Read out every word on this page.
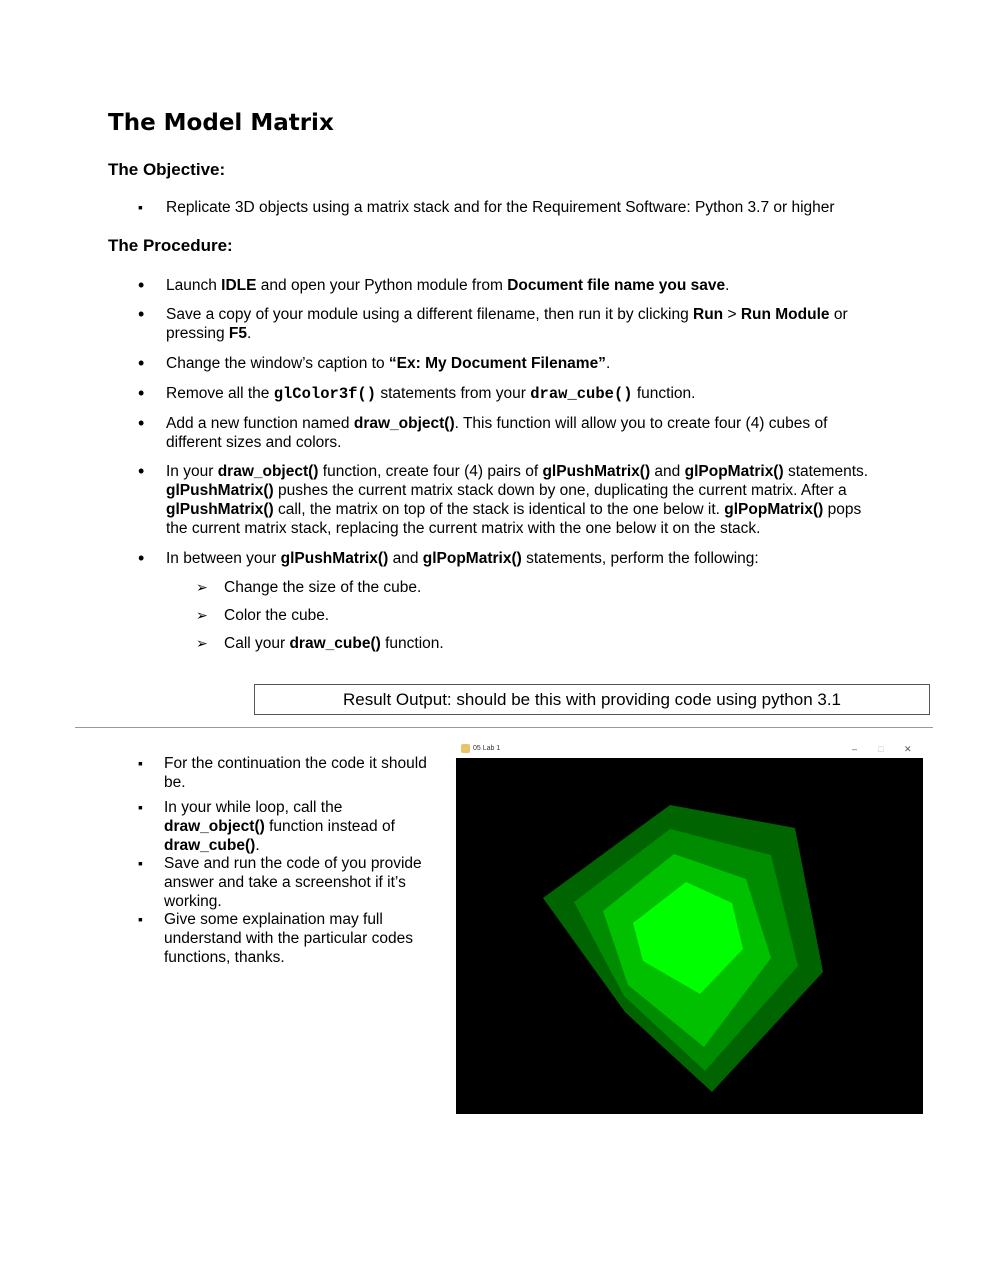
The Model Matrix
The Objective:
▪ Replicate 3D objects using a matrix stack and for the Requirement Software: Python 3.7 or higher
The Procedure:
• Launch IDLE and open your Python module from Document file name you save.
• Save a copy of your module using a different filename, then run it by clicking Run > Run Module or
pressing F5.
• Change the window’s caption to “Ex: My Document Filename”.
• Remove all the glColor3f() statements from your draw_cube() function.
• Add a new function named draw_object(). This function will allow you to create four (4) cubes of
different sizes and colors.
• In your draw_object() function, create four (4) pairs of glPushMatrix() and glPopMatrix() statements.
glPushMatrix() pushes the current matrix stack down by one, duplicating the current matrix. After a
glPushMatrix() call, the matrix on top of the stack is identical to the one below it. glPopMatrix() pops
the current matrix stack, replacing the current matrix with the one below it on the stack.
• In between your glPushMatrix() and glPopMatrix() statements, perform the following:
➢ Change the size of the cube.
➢ Color the cube.
➢ Call your draw_cube() function.
Result Output: should be this with providing code using python 3.1
▪ For the continuation the code it should be.
▪ In your while loop, call the draw_object() function instead of draw_cube().
▪ Save and run the code of you provide answer and take a screenshot if it’s working.
▪ Give some explaination may full understand with the particular codes functions, thanks.
05 Lab 1	– □ ✕
